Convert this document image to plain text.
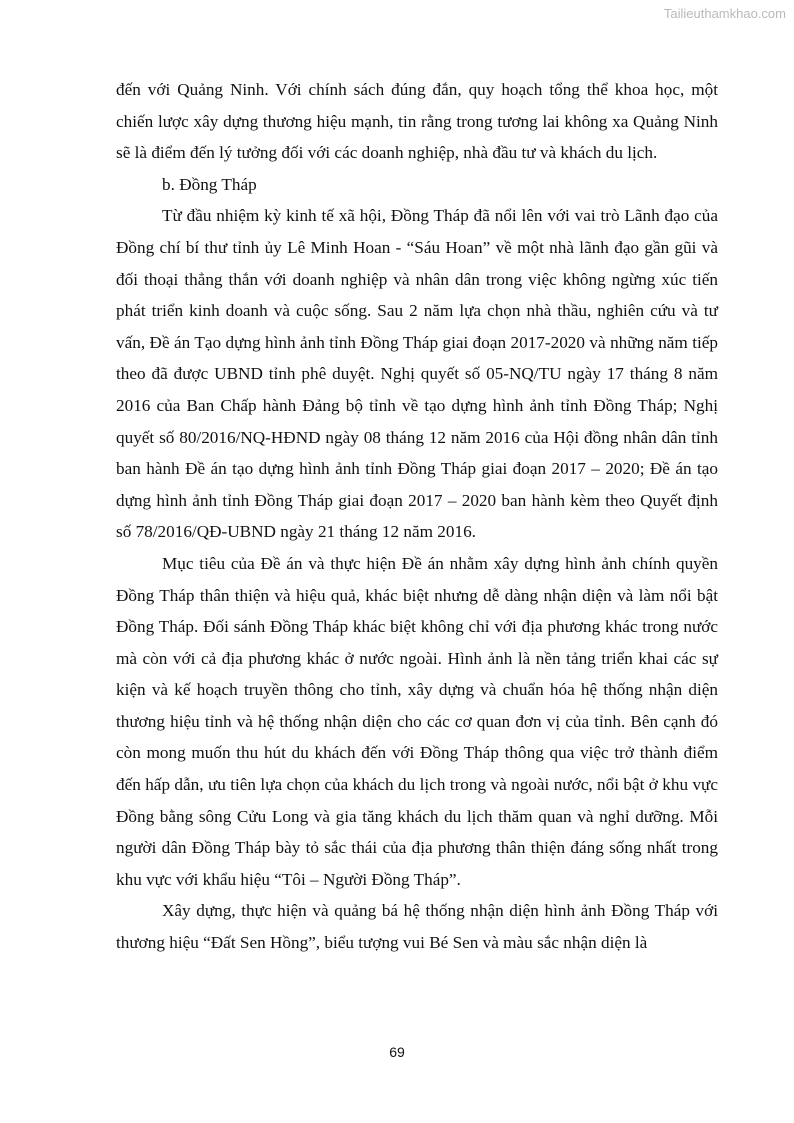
Tailieuthamkhao.com

đến với Quảng Ninh. Với chính sách đúng đắn, quy hoạch tổng thể khoa học, một chiến lược xây dựng thương hiệu mạnh, tin rằng trong tương lai không xa Quảng Ninh sẽ là điểm đến lý tưởng đối với các doanh nghiệp, nhà đầu tư và khách du lịch.

b. Đồng Tháp

Từ đầu nhiệm kỳ kinh tế xã hội, Đồng Tháp đã nổi lên với vai trò Lãnh đạo của Đồng chí bí thư tỉnh ủy Lê Minh Hoan - “Sáu Hoan” về một nhà lãnh đạo gần gũi và đối thoại thẳng thắn với doanh nghiệp và nhân dân trong việc không ngừng xúc tiến phát triển kinh doanh và cuộc sống. Sau 2 năm lựa chọn nhà thầu, nghiên cứu và tư vấn, Đề án Tạo dựng hình ảnh tỉnh Đồng Tháp giai đoạn 2017-2020 và những năm tiếp theo đã được UBND tỉnh phê duyệt. Nghị quyết số 05-NQ/TU ngày 17 tháng 8 năm 2016 của Ban Chấp hành Đảng bộ tỉnh về tạo dựng hình ảnh tỉnh Đồng Tháp; Nghị quyết số 80/2016/NQ-HĐND ngày 08 tháng 12 năm 2016 của Hội đồng nhân dân tỉnh ban hành Đề án tạo dựng hình ảnh tỉnh Đồng Tháp giai đoạn 2017 – 2020; Đề án tạo dựng hình ảnh tỉnh Đồng Tháp giai đoạn 2017 – 2020 ban hành kèm theo Quyết định số 78/2016/QĐ-UBND ngày 21 tháng 12 năm 2016.

Mục tiêu của Đề án và thực hiện Đề án nhằm xây dựng hình ảnh chính quyền Đồng Tháp thân thiện và hiệu quả, khác biệt nhưng dễ dàng nhận diện và làm nổi bật Đồng Tháp. Đối sánh Đồng Tháp khác biệt không chỉ với địa phương khác trong nước mà còn với cả địa phương khác ở nước ngoài. Hình ảnh là nền tảng triển khai các sự kiện và kế hoạch truyền thông cho tỉnh, xây dựng và chuẩn hóa hệ thống nhận diện thương hiệu tỉnh và hệ thống nhận diện cho các cơ quan đơn vị của tỉnh. Bên cạnh đó còn mong muốn thu hút du khách đến với Đồng Tháp thông qua việc trở thành điểm đến hấp dẫn, ưu tiên lựa chọn của khách du lịch trong và ngoài nước, nổi bật ở khu vực Đồng bằng sông Cửu Long và gia tăng khách du lịch thăm quan và nghỉ dưỡng. Mỗi người dân Đồng Tháp bày tỏ sắc thái của địa phương thân thiện đáng sống nhất trong khu vực với khẩu hiệu “Tôi – Người Đồng Tháp”.

Xây dựng, thực hiện và quảng bá hệ thống nhận diện hình ảnh Đồng Tháp với thương hiệu “Đất Sen Hồng”, biểu tượng vui Bé Sen và màu sắc nhận diện là

69
